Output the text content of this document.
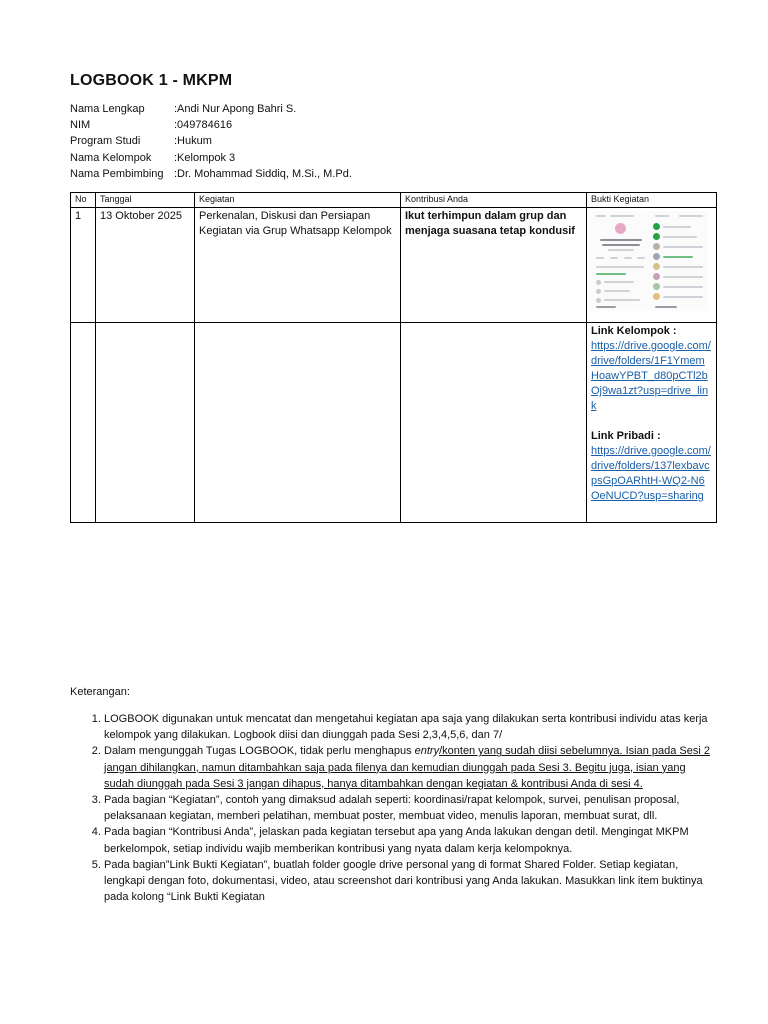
LOGBOOK 1 - MKPM
Nama Lengkap	:Andi Nur Apong Bahri S.
NIM	:049784616
Program Studi	:Hukum
Nama Kelompok	:Kelompok 3
Nama Pembimbing :Dr. Mohammad Siddiq, M.Si., M.Pd.
No	Tanggal	Kegiatan	Kontribusi Anda	Bukti Kegiatan
1	13 Oktober 2025	Perkenalan, Diskusi dan Persiapan Kegiatan via Grup Whatsapp Kelompok	Ikut terhimpun dalam grup dan menjaga suasana tetap kondusif	

				Link Kelompok :
https://drive.google.com/drive/folders/1F1YmemHoawYPBT_d80pCTl2bOj9wa1zt?usp=drive_link
Link Pribadi :
https://drive.google.com/drive/folders/137lexbavcpsGpOARhtH-WQ2-N6OeNUCD?usp=sharing
Keterangan:
1. LOGBOOK digunakan untuk mencatat dan mengetahui kegiatan apa saja yang dilakukan serta kontribusi individu atas kerja kelompok yang dilakukan. Logbook diisi dan diunggah pada Sesi 2,3,4,5,6, dan 7/
2. Dalam mengunggah Tugas LOGBOOK, tidak perlu menghapus entry/konten yang sudah diisi sebelumnya. Isian pada Sesi 2 jangan dihilangkan, namun ditambahkan saja pada filenya dan kemudian diunggah pada Sesi 3. Begitu juga, isian yang sudah diunggah pada Sesi 3 jangan dihapus, hanya ditambahkan dengan kegiatan & kontribusi Anda di sesi 4.
3. Pada bagian “Kegiatan”, contoh yang dimaksud adalah seperti: koordinasi/rapat kelompok, survei, penulisan proposal, pelaksanaan kegiatan, memberi pelatihan, membuat poster, membuat video, menulis laporan, membuat surat, dll.
4. Pada bagian “Kontribusi Anda”, jelaskan pada kegiatan tersebut apa yang Anda lakukan dengan detil. Mengingat MKPM berkelompok, setiap individu wajib memberikan kontribusi yang nyata dalam kerja kelompoknya.
5. Pada bagian”Link Bukti Kegiatan”, buatlah folder google drive personal yang di format Shared Folder. Setiap kegiatan, lengkapi dengan foto, dokumentasi, video, atau screenshot dari kontribusi yang Anda lakukan. Masukkan link item buktinya pada kolong “Link Bukti Kegiatan
